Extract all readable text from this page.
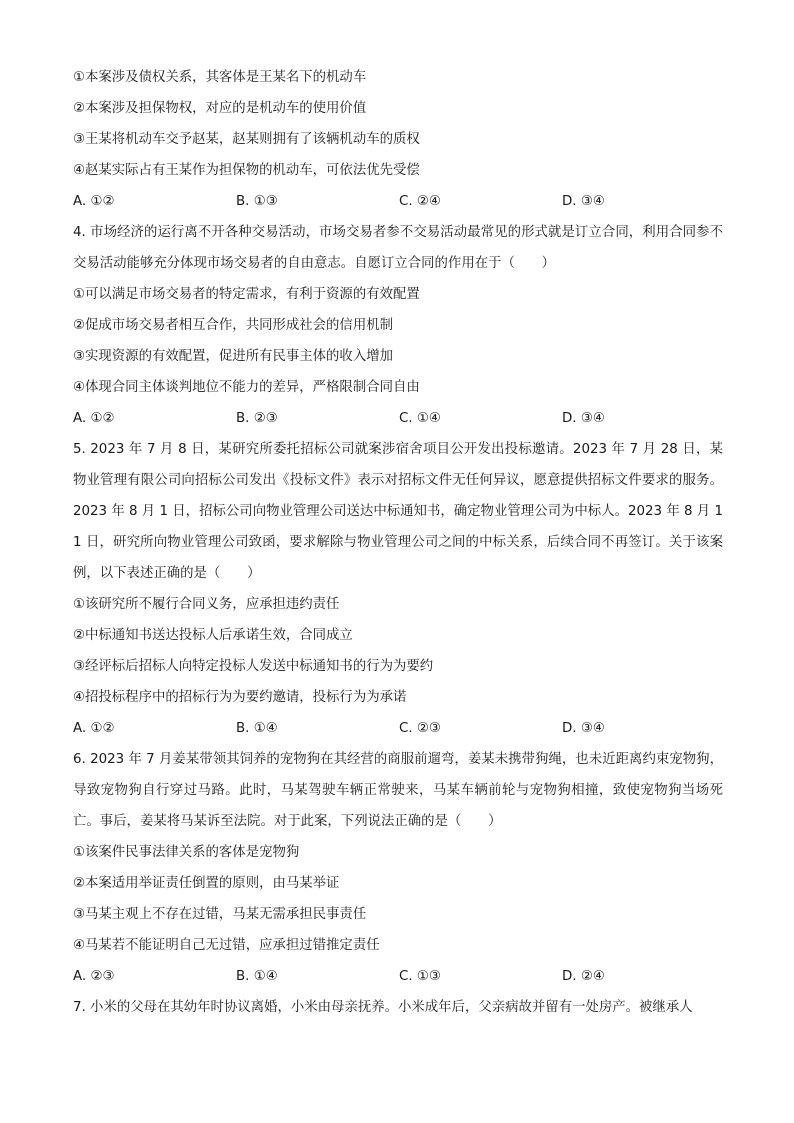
①本案涉及债权关系，其客体是王某名下的机动车
②本案涉及担保物权，对应的是机动车的使用价值
③王某将机动车交予赵某，赵某则拥有了该辆机动车的质权
④赵某实际占有王某作为担保物的机动车，可依法优先受偿
A. ①②	B. ①③	C. ②④	D. ③④
4. 市场经济的运行离不开各种交易活动，市场交易者参不交易活动最常见的形式就是订立合同，利用合同参不交易活动能够充分体现市场交易者的自由意志。自愿订立合同的作用在于（　　）
①可以满足市场交易者的特定需求，有利于资源的有效配置
②促成市场交易者相互合作，共同形成社会的信用机制
③实现资源的有效配置，促进所有民事主体的收入增加
④体现合同主体谈判地位不能力的差异，严格限制合同自由
A. ①②	B. ②③	C. ①④	D. ③④
5. 2023 年 7 月 8 日，某研究所委托招标公司就案涉宿舍项目公开发出投标邀请。2023 年 7 月 28 日，某物业管理有限公司向招标公司发出《投标文件》表示对招标文件无任何异议，愿意提供招标文件要求的服务。2023 年 8 月 1 日，招标公司向物业管理公司送达中标通知书，确定物业管理公司为中标人。2023 年 8 月 11 日，研究所向物业管理公司致函，要求解除与物业管理公司之间的中标关系，后续合同不再签订。关于该案例，以下表述正确的是（　　）
①该研究所不履行合同义务，应承担违约责任
②中标通知书送达投标人后承诺生效，合同成立
③经评标后招标人向特定投标人发送中标通知书的行为为要约
④招投标程序中的招标行为为要约邀请，投标行为为承诺
A. ①②	B. ①④	C. ②③	D. ③④
6. 2023 年 7 月姜某带领其饲养的宠物狗在其经营的商服前遛弯，姜某未携带狗绳，也未近距离约束宠物狗，导致宠物狗自行穿过马路。此时，马某驾驶车辆正常驶来，马某车辆前轮与宠物狗相撞，致使宠物狗当场死亡。事后，姜某将马某诉至法院。对于此案，下列说法正确的是（　　）
①该案件民事法律关系的客体是宠物狗
②本案适用举证责任倒置的原则，由马某举证
③马某主观上不存在过错，马某无需承担民事责任
④马某若不能证明自己无过错，应承担过错推定责任
A. ②③	B. ①④	C. ①③	D. ②④
7. 小米的父母在其幼年时协议离婚，小米由母亲抚养。小米成年后，父亲病故并留有一处房产。被继承人
